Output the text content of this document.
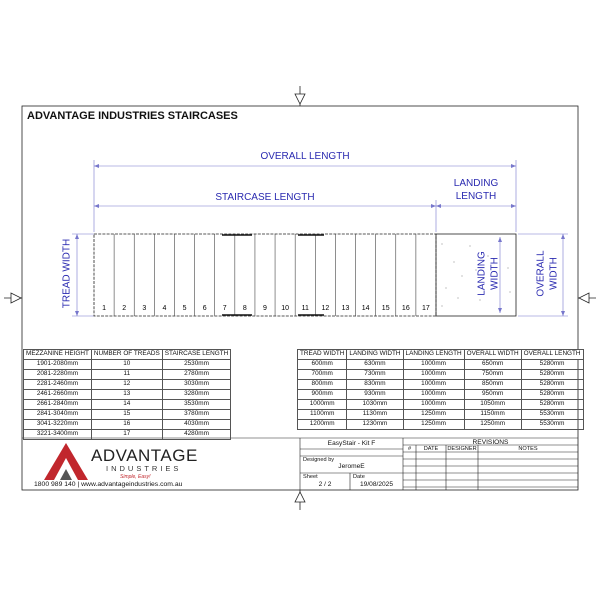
1 2 3 4 5 6 7 8 9 10 11 12 13 14 15 16 17
ADVANTAGE INDUSTRIES STAIRCASES
OVERALL LENGTH
STAIRCASE LENGTH
LANDING
LENGTH
TREAD WIDTH	LANDING WIDTH	OVERALL WIDTH
MEZZANINE HEIGHT	NUMBER OF TREADS	STAIRCASE LENGTH
1901-2080mm	10	2530mm
2081-2280mm	11	2780mm
2281-2460mm	12	3030mm
2461-2660mm	13	3280mm
2661-2840mm	14	3530mm
2841-3040mm	15	3780mm
3041-3220mm	16	4030mm
3221-3400mm	17	4280mm
TREAD WIDTH	LANDING WIDTH	LANDING LENGTH	OVERALL WIDTH	OVERALL LENGTH
600mm	630mm	1000mm	650mm	5280mm
700mm	730mm	1000mm	750mm	5280mm
800mm	830mm	1000mm	850mm	5280mm
900mm	930mm	1000mm	950mm	5280mm
1000mm	1030mm	1000mm	1050mm	5280mm
1100mm	1130mm	1250mm	1150mm	5530mm
1200mm	1230mm	1250mm	1250mm	5530mm
EasyStair - Kit F
Designed by
JeromeE
Sheet
2 / 2
Date
19/08/2025
REVISIONS
#	DATE	DESIGNER	NOTES
ADVANTAGE
INDUSTRIES
Simple, Easy!
1800 989 140 | www.advantageindustries.com.au
